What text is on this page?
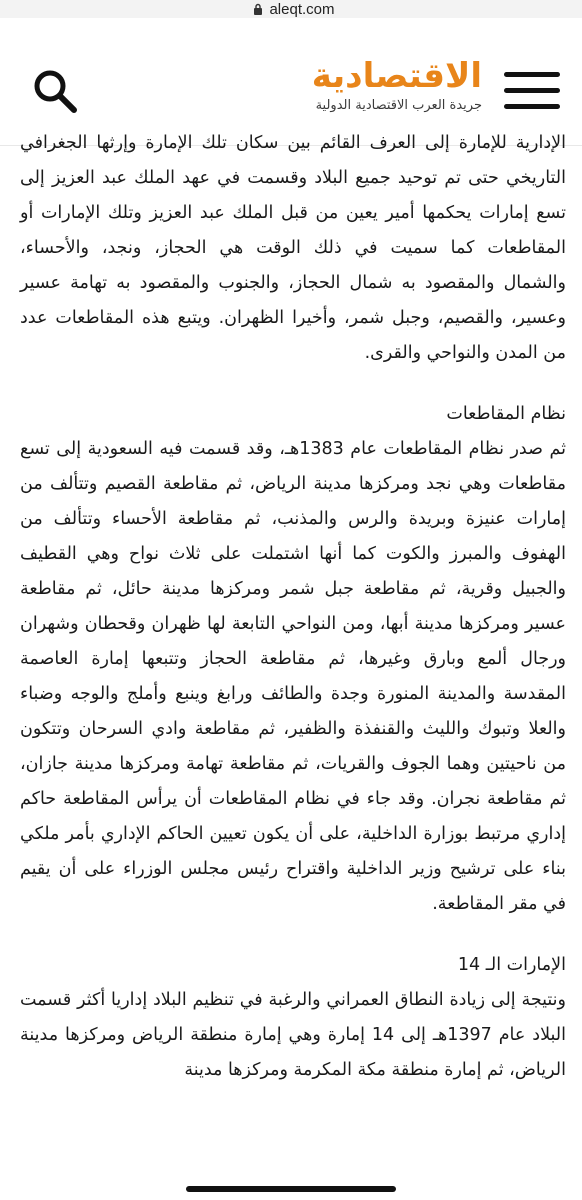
aleqt.com
الاقتصادية
جريدة العرب الاقتصادية الدولية
الإدارية للإمارة إلى العرف القائم بين سكان تلك الإمارة وإرثها الجغرافي التاريخي حتى تم توحيد جميع البلاد وقسمت في عهد الملك عبد العزيز إلى تسع إمارات يحكمها أمير يعين من قبل الملك عبد العزيز وتلك الإمارات أو المقاطعات كما سميت في ذلك الوقت هي الحجاز، ونجد، والأحساء، والشمال والمقصود به شمال الحجاز، والجنوب والمقصود به تهامة عسير وعسير، والقصيم، وجبل شمر، وأخيرا الظهران. ويتبع هذه المقاطعات عدد من المدن والنواحي والقرى.
نظام المقاطعات
ثم صدر نظام المقاطعات عام 1383هـ، وقد قسمت فيه السعودية إلى تسع مقاطعات وهي نجد ومركزها مدينة الرياض، ثم مقاطعة القصيم وتتألف من إمارات عنيزة وبريدة والرس والمذنب، ثم مقاطعة الأحساء وتتألف من الهفوف والمبرز والكوت كما أنها اشتملت على ثلاث نواح وهي القطيف والجبيل وقرية، ثم مقاطعة جبل شمر ومركزها مدينة حائل، ثم مقاطعة عسير ومركزها مدينة أبها، ومن النواحي التابعة لها ظهران وقحطان وشهران ورجال ألمع وبارق وغيرها، ثم مقاطعة الحجاز وتتبعها إمارة العاصمة المقدسة والمدينة المنورة وجدة والطائف ورابغ وينبع وأملج والوجه وضباء والعلا وتبوك والليث والقنفذة والظفير، ثم مقاطعة وادي السرحان وتتكون من ناحيتين وهما الجوف والقريات، ثم مقاطعة تهامة ومركزها مدينة جازان، ثم مقاطعة نجران. وقد جاء في نظام المقاطعات أن يرأس المقاطعة حاكم إداري مرتبط بوزارة الداخلية، على أن يكون تعيين الحاكم الإداري بأمر ملكي بناء على ترشيح وزير الداخلية واقتراح رئيس مجلس الوزراء على أن يقيم في مقر المقاطعة.
الإمارات الـ 14
ونتيجة إلى زيادة النطاق العمراني والرغبة في تنظيم البلاد إداريا أكثر قسمت البلاد عام 1397هـ إلى 14 إمارة وهي إمارة منطقة الرياض ومركزها مدينة الرياض، ثم إمارة منطقة مكة المكرمة ومركزها مدينة
